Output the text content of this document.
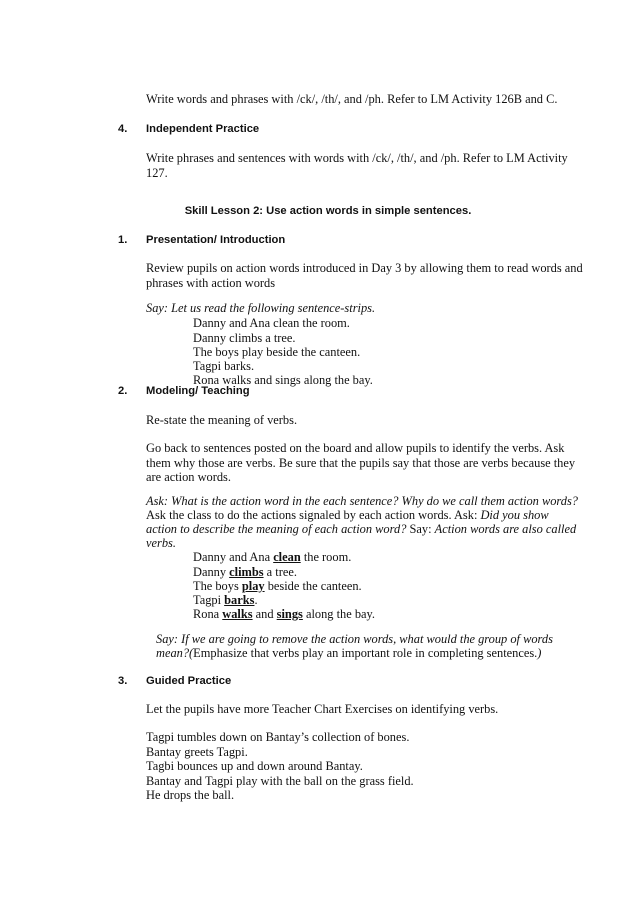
Write words and phrases with /ck/, /th/, and /ph. Refer to LM Activity 126B and C.
4. Independent Practice
Write phrases and sentences with words with /ck/, /th/, and /ph. Refer to LM Activity
127.
Skill Lesson 2: Use action words in simple sentences.
1. Presentation/ Introduction
Review pupils on action words introduced in Day 3 by allowing them to read words and
phrases with action words
Say: Let us read the following sentence-strips.
Danny and Ana clean the room.
Danny climbs a tree.
The boys play beside the canteen.
Tagpi barks.
Rona walks and sings along the bay.
2. Modeling/ Teaching
Re-state the meaning of verbs.
Go back to sentences posted on the board and allow pupils to identify the verbs. Ask
them why those are verbs. Be sure that the pupils say that those are verbs because they
are action words.
Ask: What is the action word in the each sentence? Why do we call them action words?
Ask the class to do the actions signaled by each action words. Ask: Did you show
action to describe the meaning of each action word? Say: Action words are also called
verbs.
Danny and Ana clean the room.
Danny climbs a tree.
The boys play beside the canteen.
Tagpi barks.
Rona walks and sings along the bay.
Say: If we are going to remove the action words, what would the group of words
mean?(Emphasize that verbs play an important role in completing sentences.)
3. Guided Practice
Let the pupils have more Teacher Chart Exercises on identifying verbs.
Tagpi tumbles down on Bantay’s collection of bones.
Bantay greets Tagpi.
Tagbi bounces up and down around Bantay.
Bantay and Tagpi play with the ball on the grass field.
He drops the ball.
